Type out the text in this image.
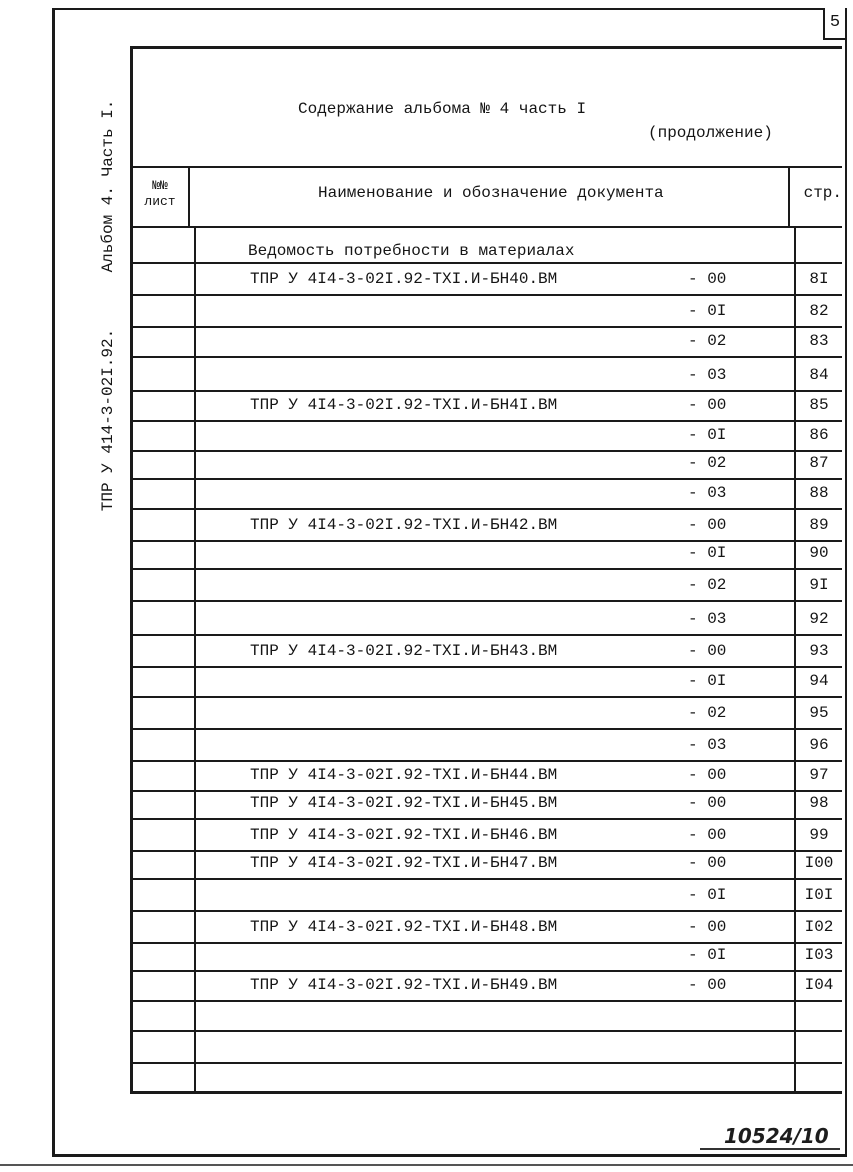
5
Альбом 4. Часть I.
ТПР У 414-3-02I.92.
Содержание альбома № 4 часть I
(продолжение)
№№ лист	Наименование и обозначение документа	стр.
Ведомость потребности в материалах
ТПР У 4I4-3-02I.92-ТХI.И-БН40.ВМ	- 00	8I
- 0I	82
- 02	83
- 03	84
ТПР У 4I4-3-02I.92-ТХI.И-БН4I.ВМ	- 00	85
- 0I	86
- 02	87
- 03	88
ТПР У 4I4-3-02I.92-ТХI.И-БН42.ВМ	- 00	89
- 0I	90
- 02	9I
- 03	92
ТПР У 4I4-3-02I.92-ТХI.И-БН43.ВМ	- 00	93
- 0I	94
- 02	95
- 03	96
ТПР У 4I4-3-02I.92-ТХI.И-БН44.ВМ	- 00	97
ТПР У 4I4-3-02I.92-ТХI.И-БН45.ВМ	- 00	98
ТПР У 4I4-3-02I.92-ТХI.И-БН46.ВМ	- 00	99
ТПР У 4I4-3-02I.92-ТХI.И-БН47.ВМ	- 00	I00
- 0I	I0I
ТПР У 4I4-3-02I.92-ТХI.И-БН48.ВМ	- 00	I02
- 0I	I03
ТПР У 4I4-3-02I.92-ТХI.И-БН49.ВМ	- 00	I04
10524/10
